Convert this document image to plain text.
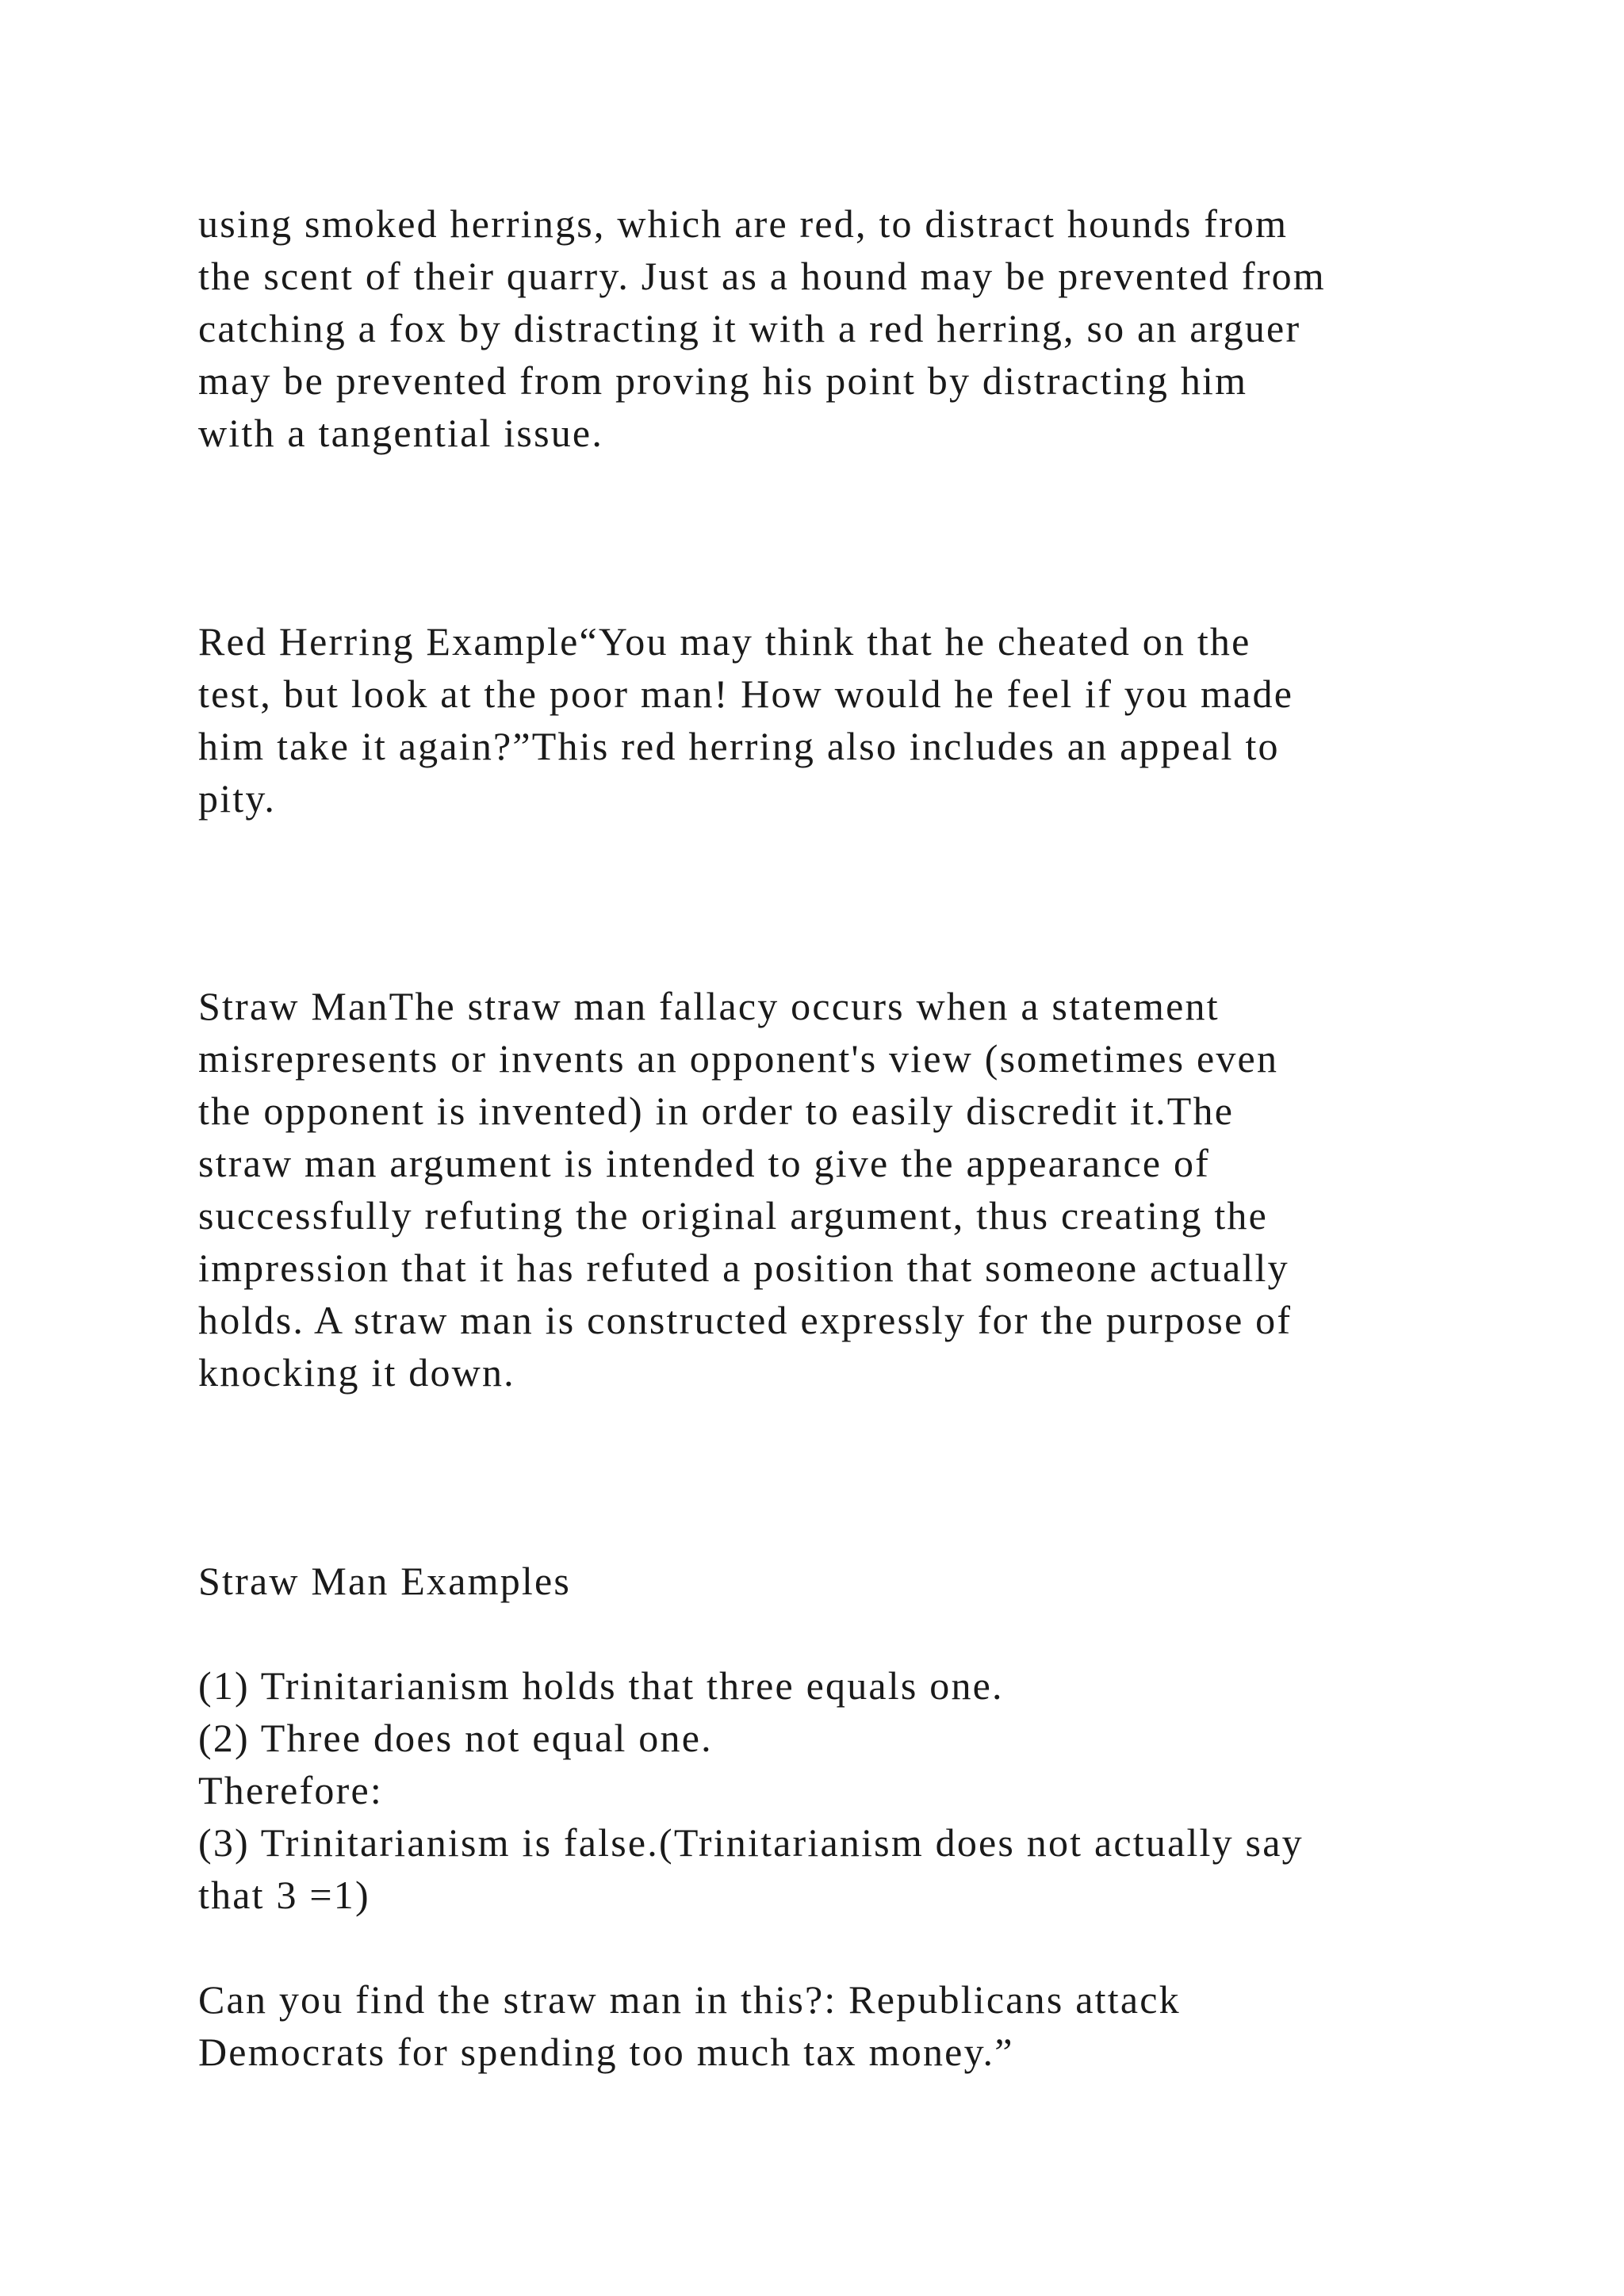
using smoked herrings, which are red, to distract hounds from

the scent of their quarry. Just as a hound may be prevented from

catching a fox by distracting it with a red herring, so an arguer

may be prevented from proving his point by distracting him

with a tangential issue.

Red Herring Example“You may think that he cheated on the

test, but look at the poor man! How would he feel if you made

him take it again?”This red herring also includes an appeal to

pity.

Straw ManThe straw man fallacy occurs when a statement

misrepresents or invents an opponent's view (sometimes even

the opponent is invented) in order to easily discredit it.The

straw man argument is intended to give the appearance of

successfully refuting the original argument, thus creating the

impression that it has refuted a position that someone actually

holds. A straw man is constructed expressly for the purpose of

knocking it down.

Straw Man Examples

(1) Trinitarianism holds that three equals one.

(2) Three does not equal one.

Therefore:

(3) Trinitarianism is false.(Trinitarianism does not actually say

that 3 =1)

Can you find the straw man in this?: Republicans attack

Democrats for spending too much tax money.”
